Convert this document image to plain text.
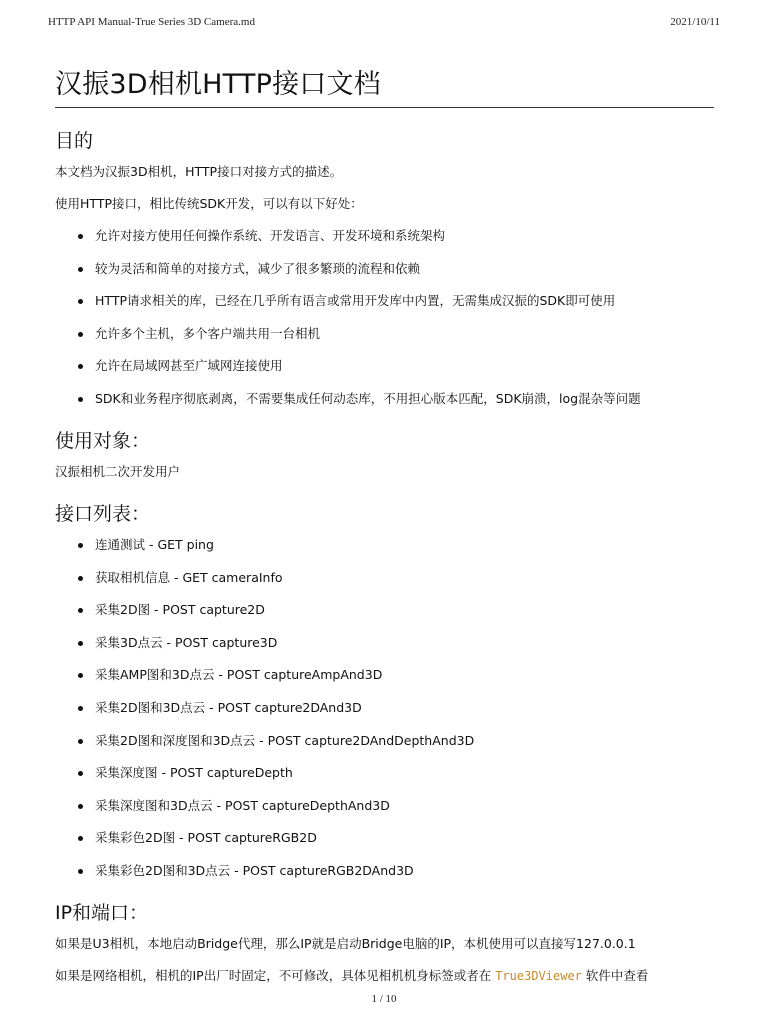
HTTP API Manual-True Series 3D Camera.md	2021/10/11
汉振3D相机HTTP接口文档
目的

本文档为汉振3D相机，HTTP接口对接方式的描述。

使用HTTP接口，相比传统SDK开发，可以有以下好处：

允许对接方使用任何操作系统、开发语言、开发环境和系统架构
较为灵活和简单的对接方式，减少了很多繁琐的流程和依赖
HTTP请求相关的库，已经在几乎所有语言或常用开发库中内置，无需集成汉振的SDK即可使用
允许多个主机，多个客户端共用一台相机
允许在局域网甚至广域网连接使用
SDK和业务程序彻底剥离，不需要集成任何动态库，不用担心版本匹配，SDK崩溃，log混杂等问题
使用对象：

汉振相机二次开发用户

接口列表：
连通测试 - GET ping
获取相机信息 - GET cameraInfo
采集2D图 - POST capture2D
采集3D点云 - POST capture3D
采集AMP图和3D点云 - POST captureAmpAnd3D
采集2D图和3D点云 - POST capture2DAnd3D
采集2D图和深度图和3D点云 - POST capture2DAndDepthAnd3D
采集深度图 - POST captureDepth
采集深度图和3D点云 - POST captureDepthAnd3D
采集彩色2D图 - POST captureRGB2D
采集彩色2D图和3D点云 - POST captureRGB2DAnd3D
IP和端口：

如果是U3相机，本地启动Bridge代理，那么IP就是启动Bridge电脑的IP，本机使用可以直接写127.0.0.1

如果是网络相机，相机的IP出厂时固定，不可修改，具体见相机机身标签或者在 True3DViewer 软件中查看

1 / 10
